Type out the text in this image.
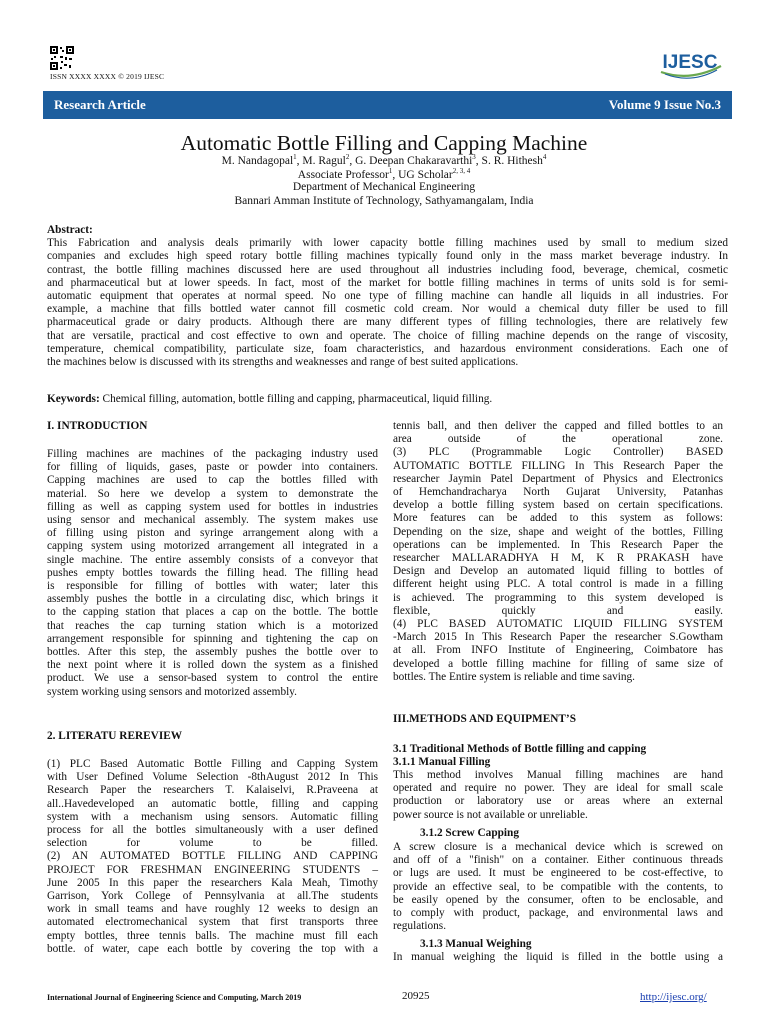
ISSN XXXX XXXX © 2019 IJESC
IJESC
Research Article	Volume 9 Issue No.3
Automatic Bottle Filling and Capping Machine
M. Nandagopal$^1$, M. Ragul$^2$, G. Deepan Chakaravarthi$^3$, S. R. Hithesh$^4$
Associate Professor$^1$, UG Scholar$^{2, 3, 4}$
Department of Mechanical Engineering
Bannari Amman Institute of Technology, Sathyamangalam, India
Abstract:
This Fabrication and analysis deals primarily with lower capacity bottle filling machines used by small to medium sized
companies and excludes high speed rotary bottle filling machines typically found only in the mass market beverage industry. In
contrast, the bottle filling machines discussed here are used throughout all industries including food, beverage, chemical, cosmetic
and pharmaceutical but at lower speeds. In fact, most of the market for bottle filling machines in terms of units sold is for semi-
automatic equipment that operates at normal speed. No one type of filling machine can handle all liquids in all industries. For
example, a machine that fills bottled water cannot fill cosmetic cold cream. Nor would a chemical duty filler be used to fill
pharmaceutical grade or dairy products. Although there are many different types of filling technologies, there are relatively few
that are versatile, practical and cost effective to own and operate. The choice of filling machine depends on the range of viscosity,
temperature, chemical compatibility, particulate size, foam characteristics, and hazardous environment considerations. Each one of
the machines below is discussed with its strengths and weaknesses and range of best suited applications.
Keywords: Chemical filling, automation, bottle filling and capping, pharmaceutical, liquid filling.
I. INTRODUCTION
Filling machines are machines of the packaging industry used
for filling of liquids, gases, paste or powder into containers.
Capping machines are used to cap the bottles filled with
material. So here we develop a system to demonstrate the
filling as well as capping system used for bottles in industries
using sensor and mechanical assembly. The system makes use
of filling using piston and syringe arrangement along with a
capping system using motorized arrangement all integrated in a
single machine. The entire assembly consists of a conveyor that
pushes empty bottles towards the filling head. The filling head
is responsible for filling of bottles with water; later this
assembly pushes the bottle in a circulating disc, which brings it
to the capping station that places a cap on the bottle. The bottle
that reaches the cap turning station which is a motorized
arrangement responsible for spinning and tightening the cap on
bottles. After this step, the assembly pushes the bottle over to
the next point where it is rolled down the system as a finished
product. We use a sensor-based system to control the entire
system working using sensors and motorized assembly.
2. LITERATU REREVIEW
(1) PLC Based Automatic Bottle Filling and Capping System
with User Defined Volume Selection -8thAugust 2012 In This
Research Paper the researchers T. Kalaiselvi, R.Praveena at
all..Havedeveloped an automatic bottle, filling and capping
system with a mechanism using sensors. Automatic filling
process for all the bottles simultaneously with a user defined
selection for volume to be filled.
(2) AN AUTOMATED BOTTLE FILLING AND CAPPING
PROJECT FOR FRESHMAN ENGINEERING STUDENTS –
June 2005 In this paper the researchers Kala Meah, Timothy
Garrison, York College of Pennsylvania at all.The students
work in small teams and have roughly 12 weeks to design an
automated electromechanical system that first transports three
empty bottles, three tennis balls. The machine must fill each
bottle. of water, cape each bottle by covering the top with a
tennis ball, and then deliver the capped and filled bottles to an
area outside of the operational zone.
(3) PLC (Programmable Logic Controller) BASED
AUTOMATIC BOTTLE FILLING In This Research Paper the
researcher Jaymin Patel Department of Physics and Electronics
of Hemchandracharya North Gujarat University, Patanhas
develop a bottle filling system based on certain specifications.
More features can be added to this system as follows:
Depending on the size, shape and weight of the bottles, Filling
operations can be implemented. In This Research Paper the
researcher MALLARADHYA H M, K R PRAKASH have
Design and Develop an automated liquid filling to bottles of
different height using PLC. A total control is made in a filling
is achieved. The programming to this system developed is
flexible, quickly and easily.
(4) PLC BASED AUTOMATIC LIQUID FILLING SYSTEM
-March 2015 In This Research Paper the researcher S.Gowtham
at all. From INFO Institute of Engineering, Coimbatore has
developed a bottle filling machine for filling of same size of
bottles. The Entire system is reliable and time saving.
III.METHODS AND EQUIPMENT’S
3.1 Traditional Methods of Bottle filling and capping
3.1.1 Manual Filling
This method involves Manual filling machines are hand
operated and require no power. They are ideal for small scale
production or laboratory use or areas where an external
power source is not available or unreliable.
3.1.2 Screw Capping
A screw closure is a mechanical device which is screwed on
and off of a "finish" on a container. Either continuous threads
or lugs are used. It must be engineered to be cost-effective, to
provide an effective seal, to be compatible with the contents, to
be easily opened by the consumer, often to be enclosable, and
to comply with product, package, and environmental laws and
regulations.
3.1.3 Manual Weighing
In manual weighing the liquid is filled in the bottle using a
International Journal of Engineering Science and Computing, March 2019	20925	http://ijesc.org/
